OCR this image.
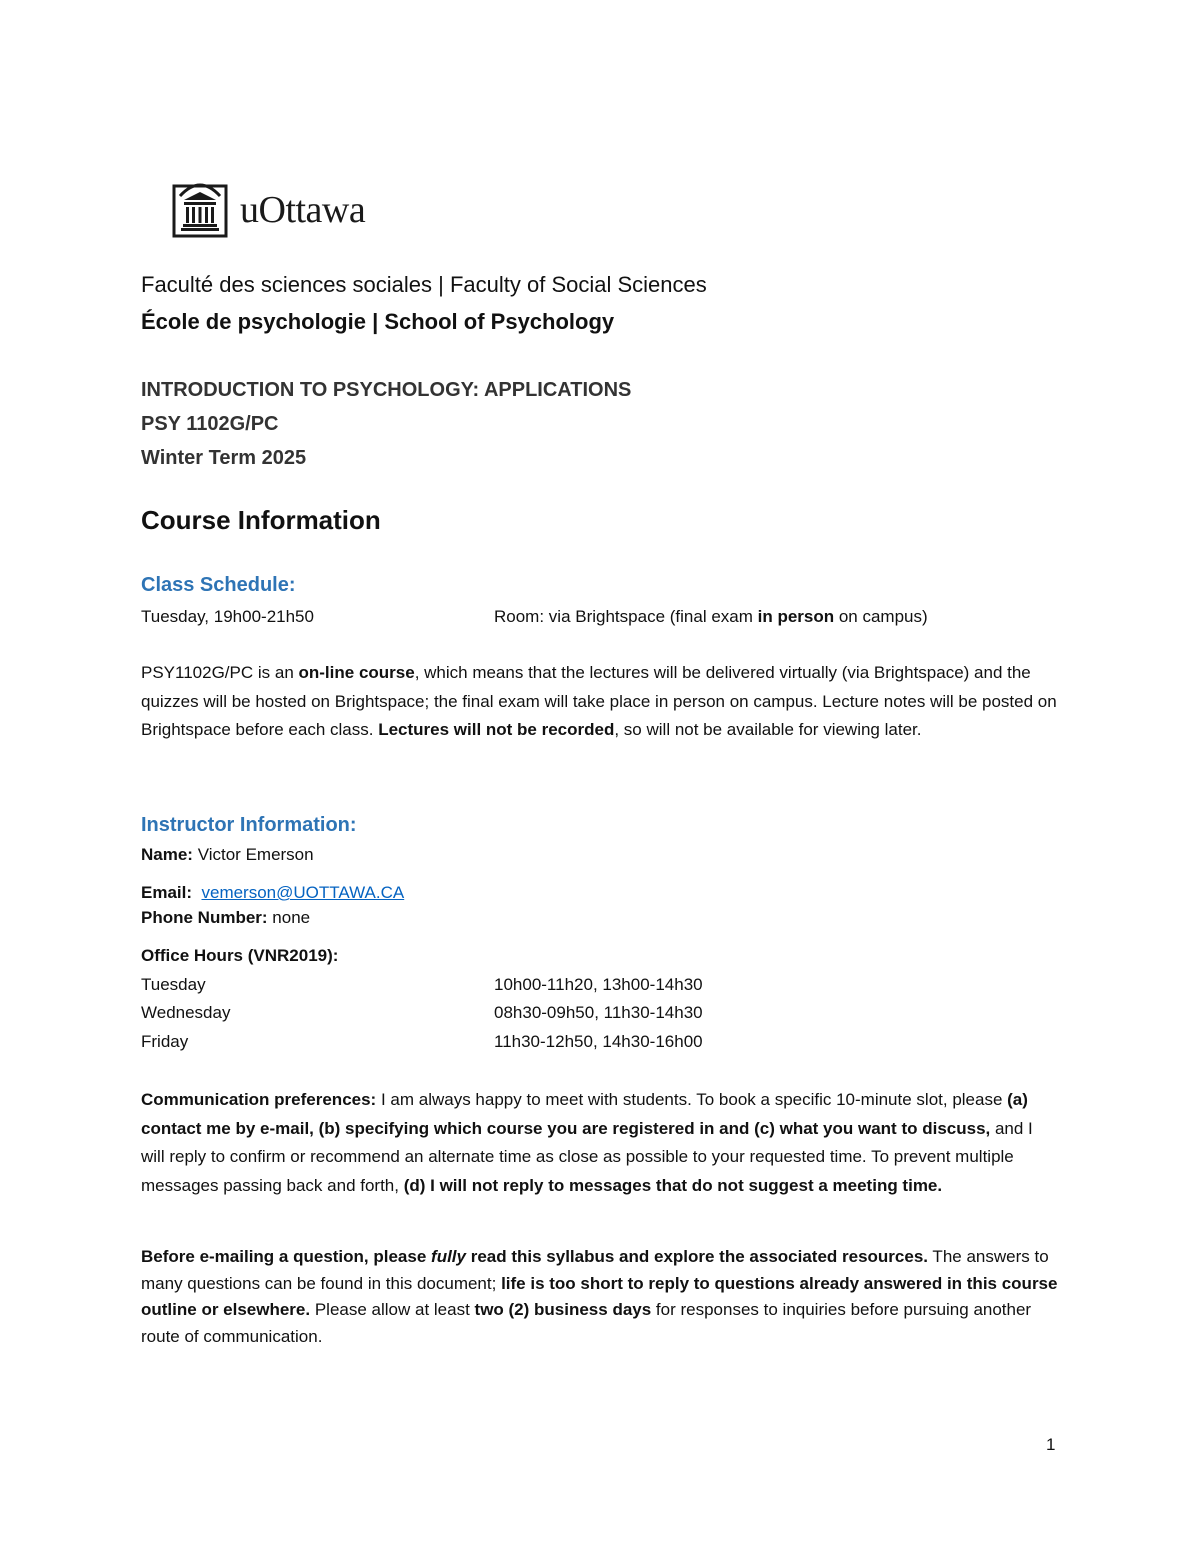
uOttawa
Faculté des sciences sociales | Faculty of Social Sciences
École de psychologie | School of Psychology
INTRODUCTION TO PSYCHOLOGY: APPLICATIONS
PSY 1102G/PC
Winter Term 2025
Course Information
Class Schedule:
Tuesday, 19h00-21h50	Room: via Brightspace (final exam in person on campus)
PSY1102G/PC is an on-line course, which means that the lectures will be delivered virtually (via Brightspace) and the quizzes will be hosted on Brightspace; the final exam will take place in person on campus. Lecture notes will be posted on Brightspace before each class. Lectures will not be recorded, so will not be available for viewing later.
Instructor Information:
Name: Victor Emerson
Email: vemerson@UOTTAWA.CA
Phone Number: none
Office Hours (VNR2019):
Tuesday	10h00-11h20, 13h00-14h30
Wednesday	08h30-09h50, 11h30-14h30
Friday	11h30-12h50, 14h30-16h00
Communication preferences: I am always happy to meet with students. To book a specific 10-minute slot, please (a) contact me by e-mail, (b) specifying which course you are registered in and (c) what you want to discuss, and I will reply to confirm or recommend an alternate time as close as possible to your requested time. To prevent multiple messages passing back and forth, (d) I will not reply to messages that do not suggest a meeting time.
Before e-mailing a question, please fully read this syllabus and explore the associated resources. The answers to many questions can be found in this document; life is too short to reply to questions already answered in this course outline or elsewhere. Please allow at least two (2) business days for responses to inquiries before pursuing another route of communication.
1
